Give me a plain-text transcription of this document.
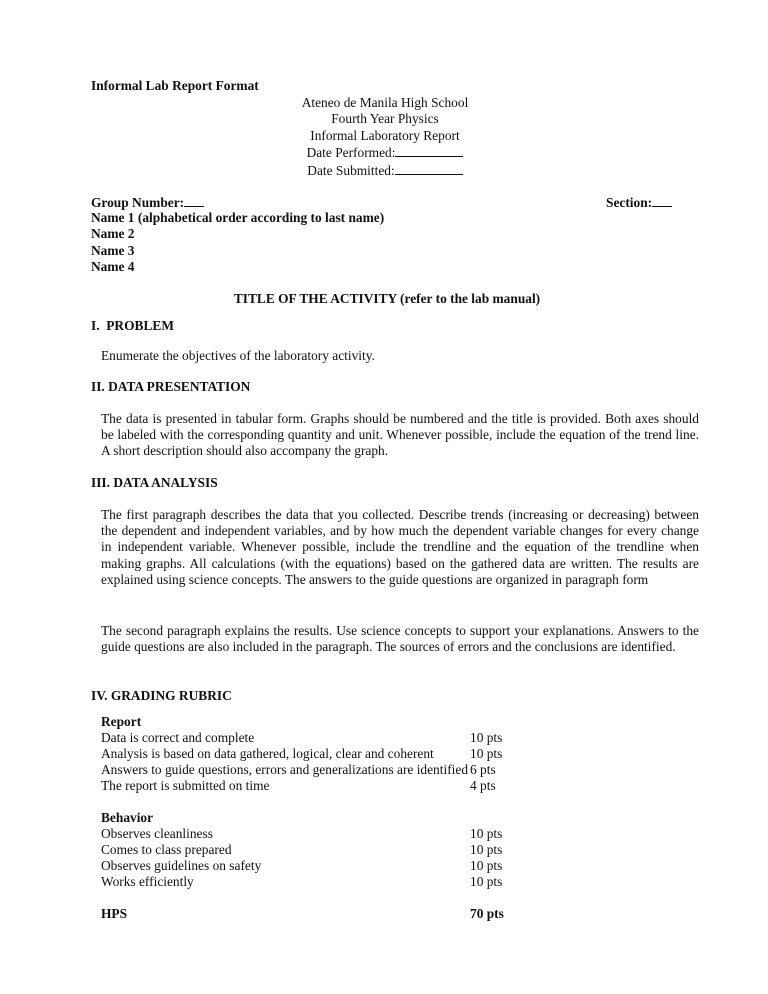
Informal Lab Report Format
Ateneo de Manila High School
Fourth Year Physics
Informal Laboratory Report
Date Performed:
Date Submitted:
Group Number:	Section:
Name 1 (alphabetical order according to last name)
Name 2
Name 3
Name 4
TITLE OF THE ACTIVITY (refer to the lab manual)
I.  PROBLEM
Enumerate the objectives of the laboratory activity.
II. DATA PRESENTATION
The data is presented in tabular form. Graphs should be numbered and the title is provided. Both axes should be labeled with the corresponding quantity and unit. Whenever possible, include the equation of the trend line. A short description should also accompany the graph.
III. DATA ANALYSIS
The first paragraph describes the data that you collected. Describe trends (increasing or decreasing) between the dependent and independent variables, and by how much the dependent variable changes for every change in independent variable. Whenever possible, include the trendline and the equation of the trendline when making graphs. All calculations (with the equations) based on the gathered data are written. The results are explained using science concepts. The answers to the guide questions are organized in paragraph form
The second paragraph explains the results. Use science concepts to support your explanations. Answers to the guide questions are also included in the paragraph. The sources of errors and the conclusions are identified.
IV. GRADING RUBRIC
Report
Data is correct and complete	10 pts
Analysis is based on data gathered, logical, clear and coherent	10 pts
Answers to guide questions, errors and generalizations are identified 6 pts
The report is submitted on time	4 pts
Behavior
Observes cleanliness	10 pts
Comes to class prepared	10 pts
Observes guidelines on safety	10 pts
Works efficiently	10 pts
HPS	70 pts
